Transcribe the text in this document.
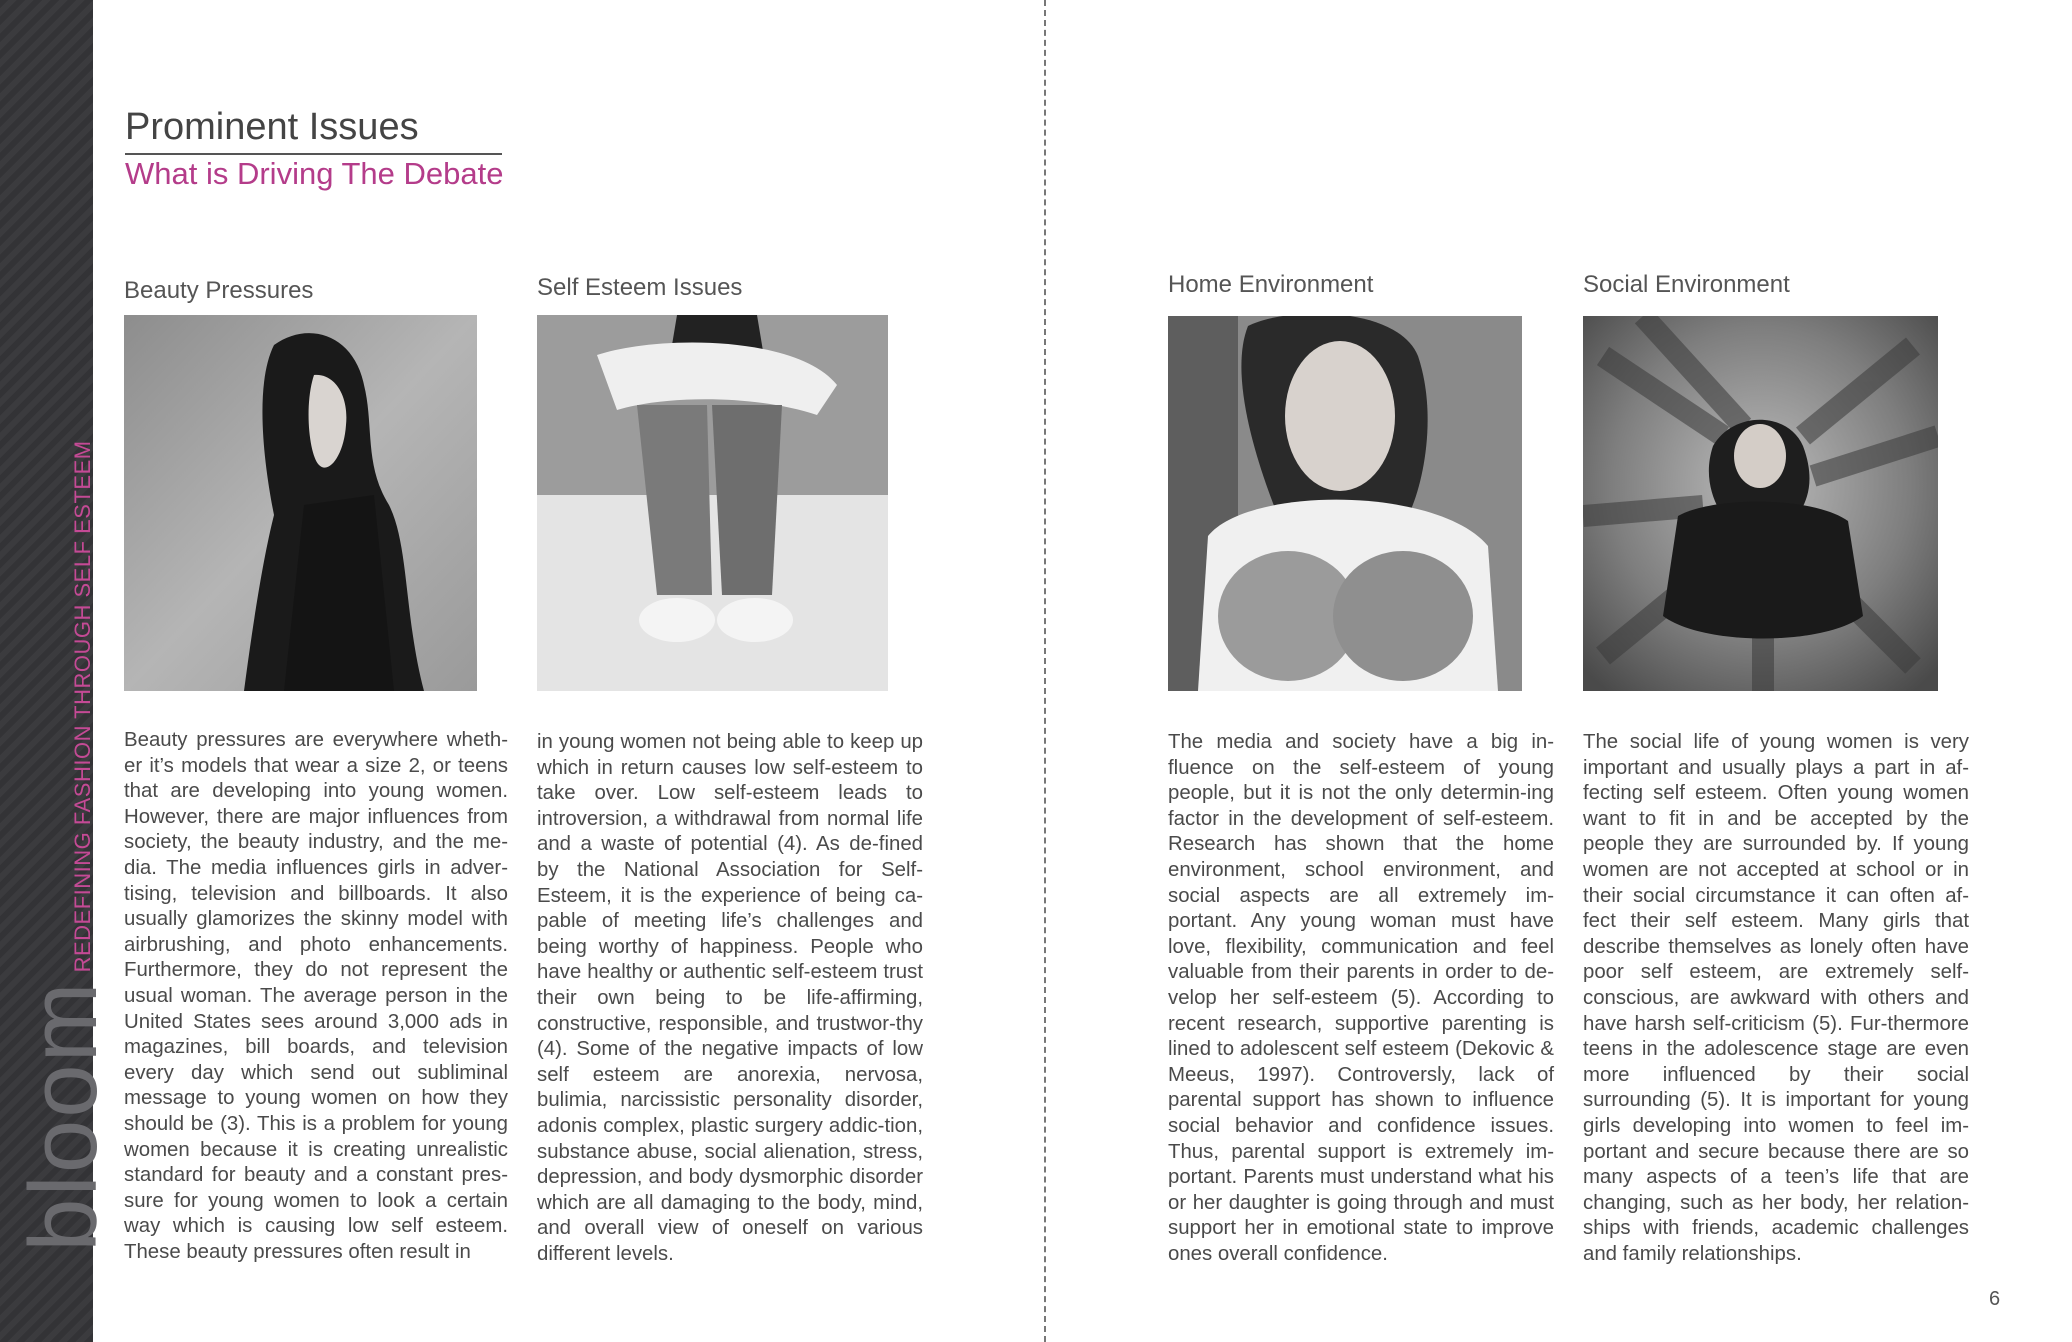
bloom
REDEFINING FASHION THROUGH SELF ESTEEM
Prominent Issues
What is Driving The Debate
Beauty Pressures
Beauty pressures are everywhere wheth-er it’s models that wear a size 2, or teens that are developing into young women. However, there are major influences from society, the beauty industry, and the me-dia. The media influences girls in adver-tising, television and billboards. It also usually glamorizes the skinny model with airbrushing, and photo enhancements. Furthermore, they do not represent the usual woman. The average person in the United States sees around 3,000 ads in magazines, bill boards, and television every day which send out subliminal message to young women on how they should be (3). This is a problem for young women because it is creating unrealistic standard for beauty and a constant pres-sure for young women to look a certain way which is causing low self esteem. These beauty pressures often result in
Self Esteem Issues
in young women not being able to keep up which in return causes low self-esteem to take over. Low self-esteem leads to introversion, a withdrawal from normal life and a waste of potential (4). As de-fined by the National Association for Self-Esteem, it is the experience of being ca-pable of meeting life’s challenges and being worthy of happiness. People who have healthy or authentic self-esteem trust their own being to be life-affirming, constructive, responsible, and trustwor-thy (4). Some of the negative impacts of low self esteem are anorexia, nervosa, bulimia, narcissistic personality disorder, adonis complex, plastic surgery addic-tion, substance abuse, social alienation, stress, depression, and body dysmorphic disorder which are all damaging to the body, mind, and overall view of oneself on various different levels.
Home Environment
The media and society have a big in-fluence on the self-esteem of young people, but it is not the only determin-ing factor in the development of self-esteem. Research has shown that the home environment, school environment, and social aspects are all extremely im-portant. Any young woman must have love, flexibility, communication and feel valuable from their parents in order to de-velop her self-esteem (5). According to recent research, supportive parenting is lined to adolescent self esteem (Dekovic & Meeus, 1997). Controversly, lack of parental support has shown to influence social behavior and confidence issues. Thus, parental support is extremely im-portant. Parents must understand what his or her daughter is going through and must support her in emotional state to improve ones overall confidence.
Social Environment
The social life of young women is very important and usually plays a part in af-fecting self esteem. Often young women want to fit in and be accepted by the people they are surrounded by. If young women are not accepted at school or in their social circumstance it can often af-fect their self esteem. Many girls that describe themselves as lonely often have poor self esteem, are extremely self-conscious, are awkward with others and have harsh self-criticism (5). Fur-thermore teens in the adolescence stage are even more influenced by their social surrounding (5). It is important for young girls developing into women to feel im-portant and secure because there are so many aspects of a teen’s life that are changing, such as her body, her relation-ships with friends, academic challenges and family relationships.
6
